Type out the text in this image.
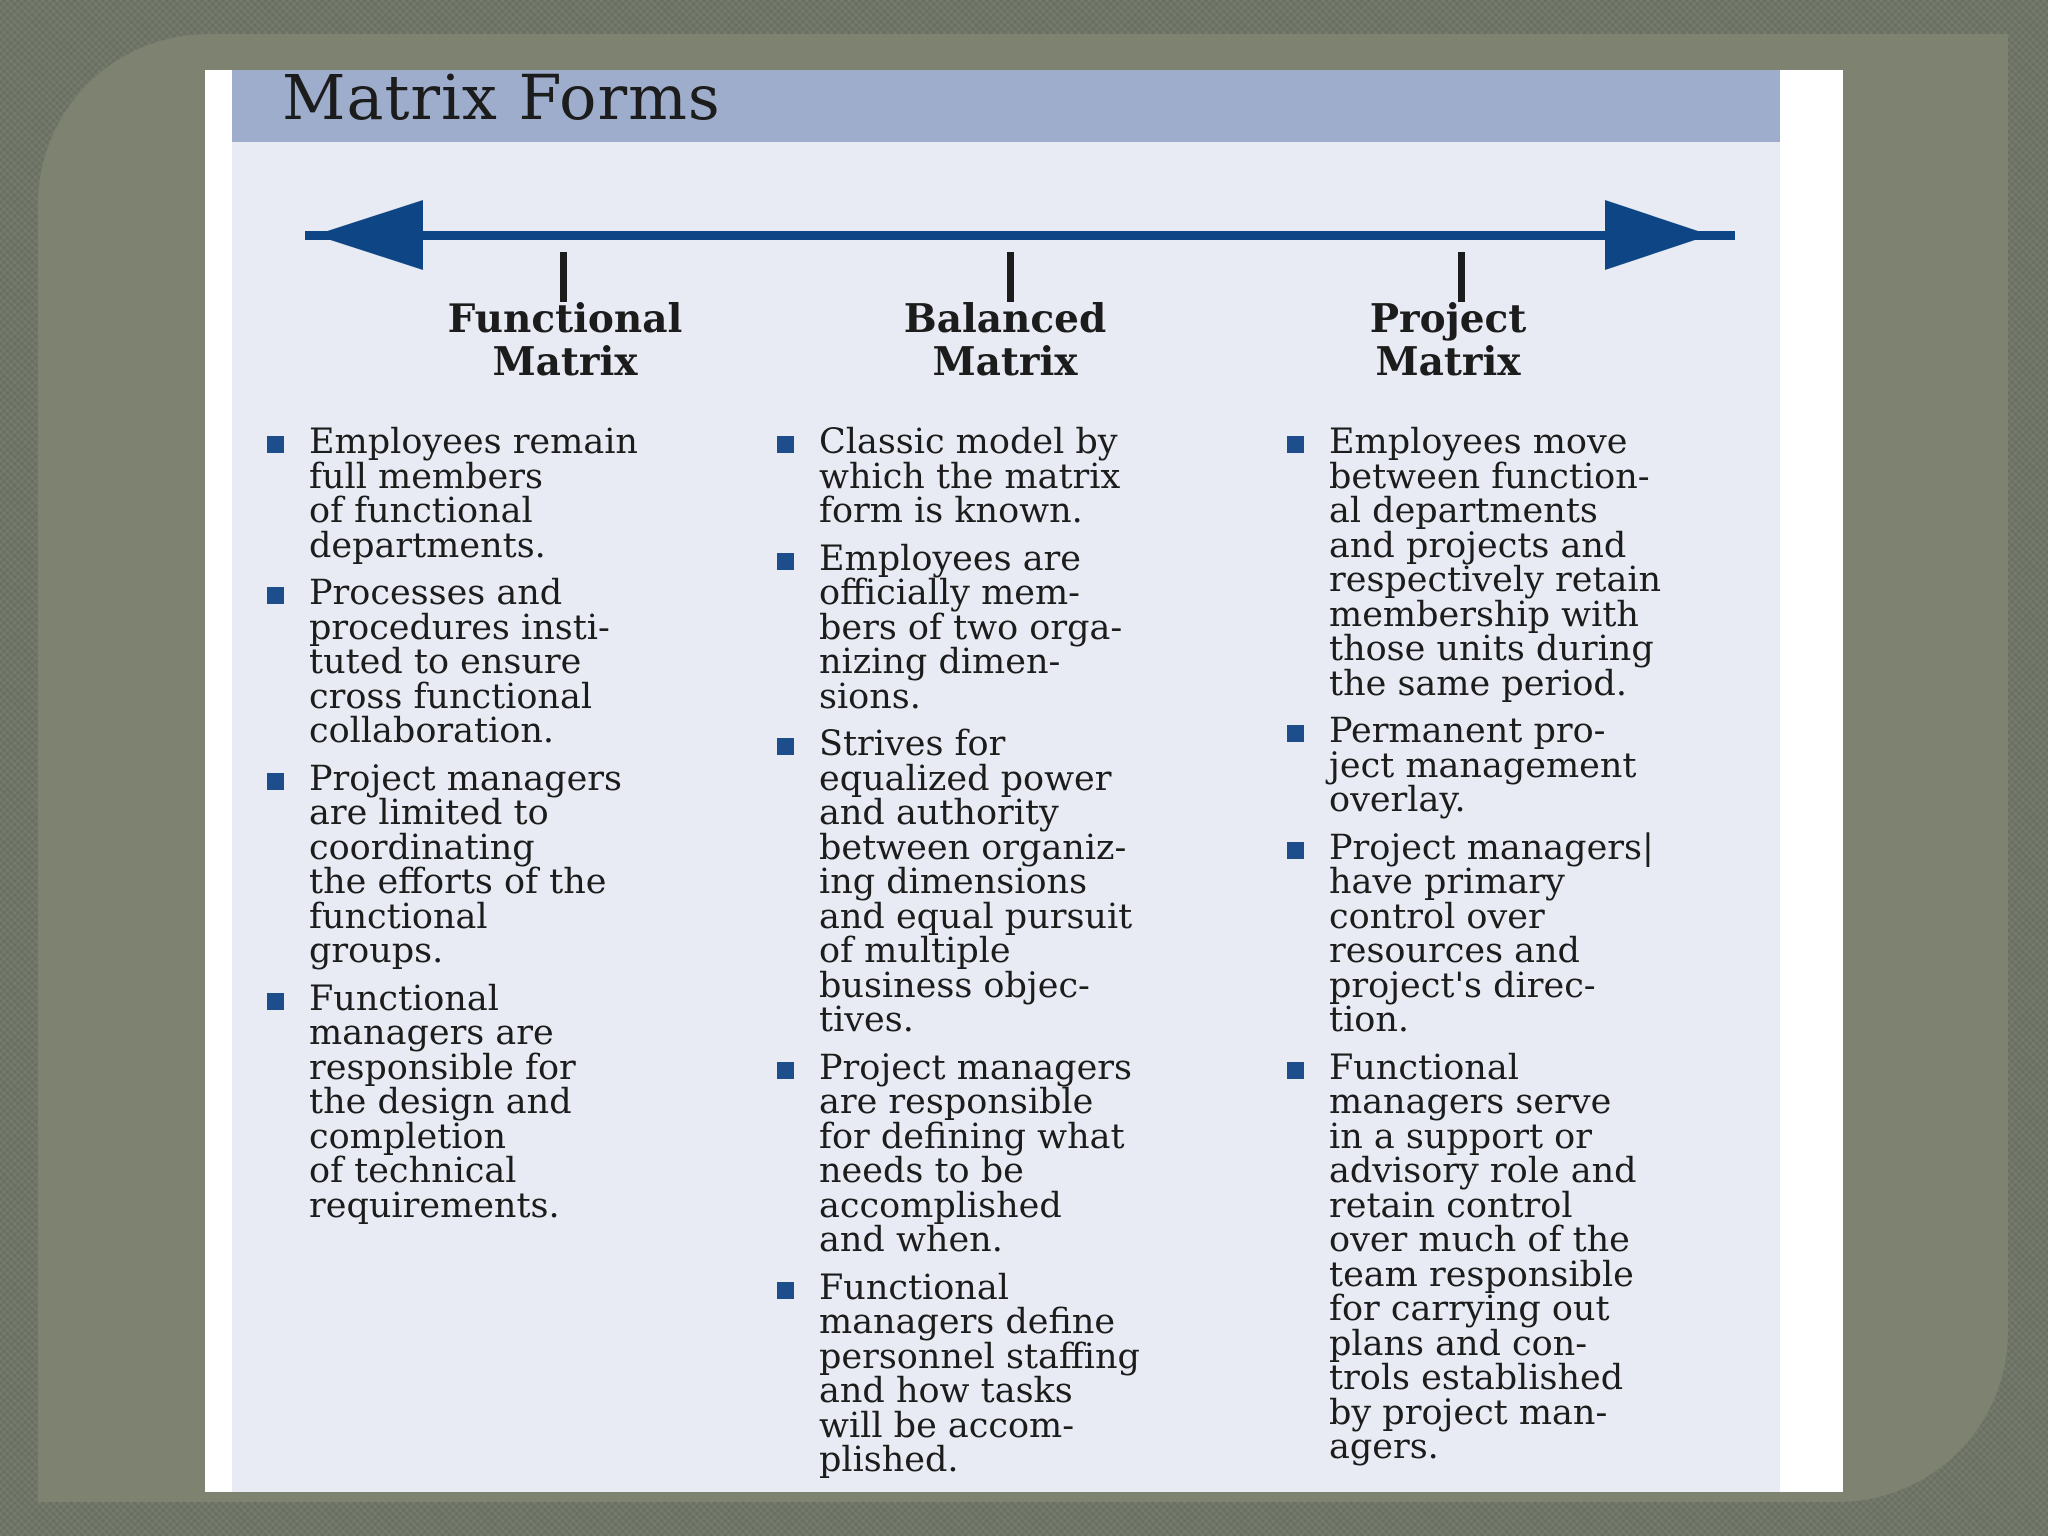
Matrix Forms
Functional
Matrix
Balanced
Matrix
Project
Matrix
Employees remain
full members
of functional
departments.
Processes and
procedures insti-
tuted to ensure
cross functional
collaboration.
Project managers
are limited to
coordinating
the efforts of the
functional
groups.
Functional
managers are
responsible for
the design and
completion
of technical
requirements.
Classic model by
which the matrix
form is known.
Employees are
officially mem-
bers of two orga-
nizing dimen-
sions.
Strives for
equalized power
and authority
between organiz-
ing dimensions
and equal pursuit
of multiple
business objec-
tives.
Project managers
are responsible
for defining what
needs to be
accomplished
and when.
Functional
managers define
personnel staffing
and how tasks
will be accom-
plished.
Employees move
between function-
al departments
and projects and
respectively retain
membership with
those units during
the same period.
Permanent pro-
ject management
overlay.
Project managers|
have primary
control over
resources and
project's direc-
tion.
Functional
managers serve
in a support or
advisory role and
retain control
over much of the
team responsible
for carrying out
plans and con-
trols established
by project man-
agers.
